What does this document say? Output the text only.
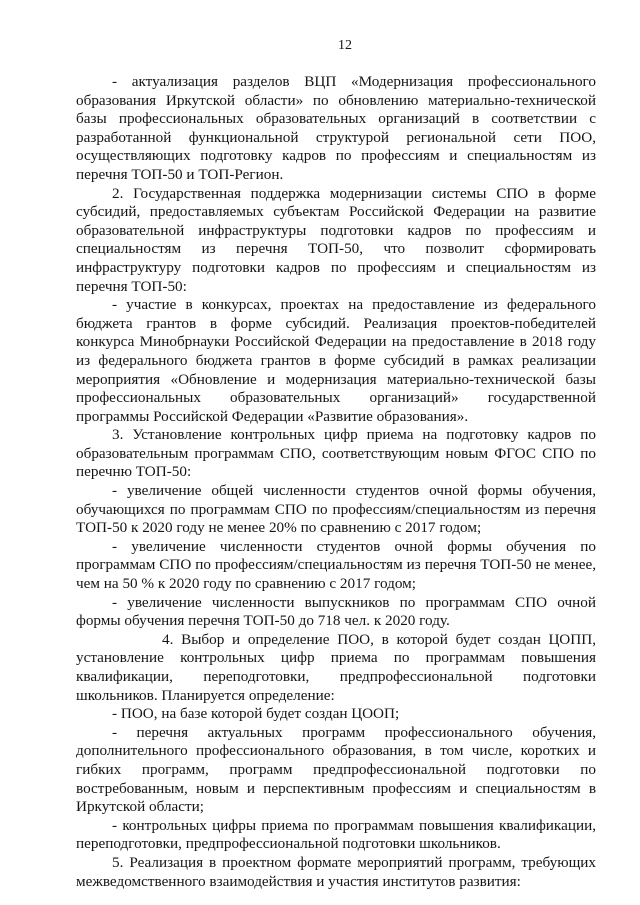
12

- актуализация разделов ВЦП «Модернизация профессионального образования Иркутской области» по обновлению материально-технической базы профессиональных образовательных организаций в соответствии с разработанной функциональной структурой региональной сети ПОО, осуществляющих подготовку кадров по профессиям и специальностям из перечня ТОП-50 и ТОП-Регион.

2. Государственная поддержка модернизации системы СПО в форме субсидий, предоставляемых субъектам Российской Федерации на развитие образовательной инфраструктуры подготовки кадров по профессиям и специальностям из перечня ТОП-50, что позволит сформировать инфраструктуру подготовки кадров по профессиям и специальностям из перечня ТОП-50:

- участие в конкурсах, проектах на предоставление из федерального бюджета грантов в форме субсидий. Реализация проектов-победителей конкурса Минобрнауки Российской Федерации на предоставление в 2018 году из федерального бюджета грантов в форме субсидий в рамках реализации мероприятия «Обновление и модернизация материально-технической базы профессиональных образовательных организаций» государственной программы Российской Федерации «Развитие образования».

3. Установление контрольных цифр приема на подготовку кадров по образовательным программам СПО, соответствующим новым ФГОС СПО по перечню ТОП-50:

- увеличение общей численности студентов очной формы обучения, обучающихся по программам СПО по профессиям/специальностям из перечня ТОП-50 к 2020 году не менее 20% по сравнению с 2017 годом;

- увеличение численности студентов очной формы обучения по программам СПО по профессиям/специальностям из перечня ТОП-50 не менее, чем на 50 % к 2020 году по сравнению с 2017 годом;

- увеличение численности выпускников по программам СПО очной формы обучения перечня ТОП-50 до 718 чел. к 2020 году.

4. Выбор и определение ПОО, в которой будет создан ЦОПП, установление контрольных цифр приема по программам повышения квалификации, переподготовки, предпрофессиональной подготовки школьников. Планируется определение:

- ПОО, на базе которой будет создан ЦООП;

- перечня актуальных программ профессионального обучения, дополнительного профессионального образования, в том числе, коротких и гибких программ, программ предпрофессиональной подготовки по востребованным, новым и перспективным профессиям и специальностям в Иркутской области;

- контрольных цифры приема по программам повышения квалификации, переподготовки, предпрофессиональной подготовки школьников.

5. Реализация в проектном формате мероприятий программ, требующих межведомственного взаимодействия и участия институтов развития:
